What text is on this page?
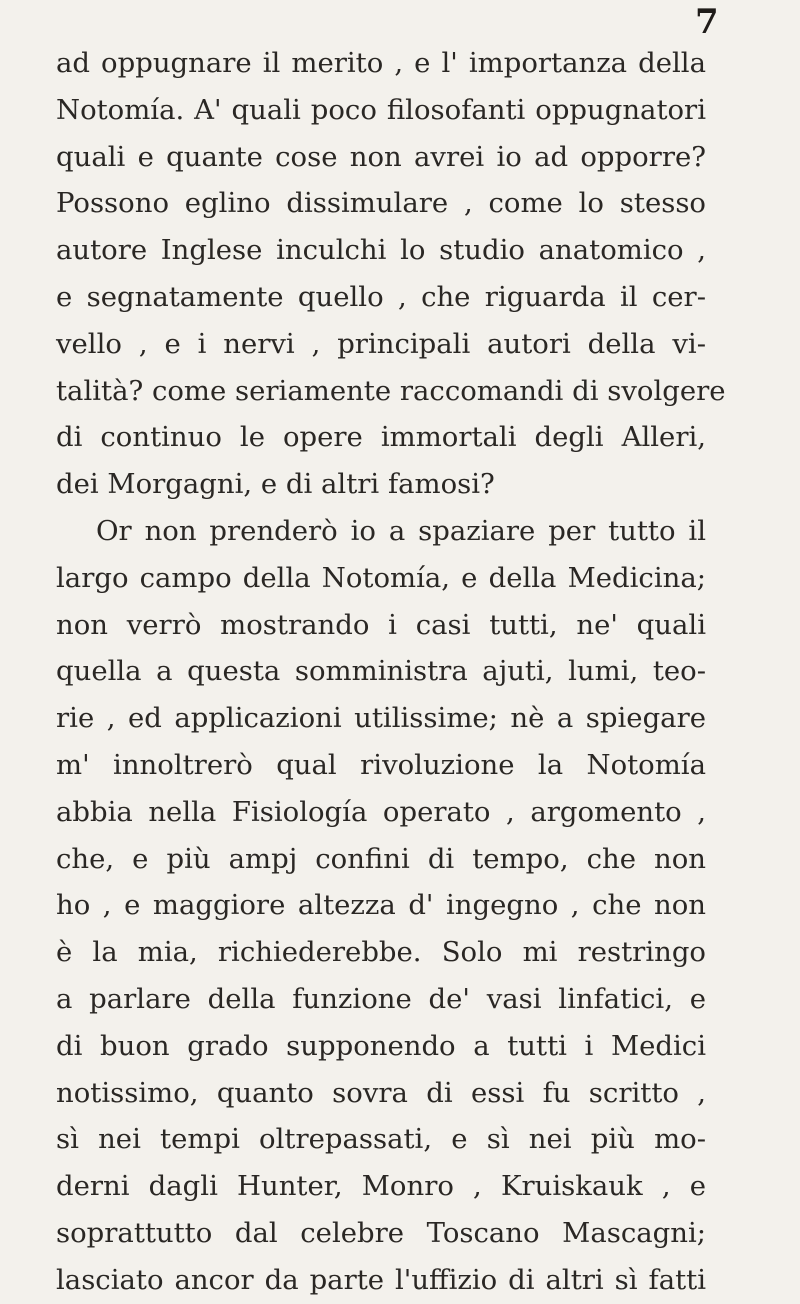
7
ad oppugnare il merito , e l' importanza della
Notomía. A' quali poco filosofanti oppugnatori
quali e quante cose non avrei io ad opporre?
Possono eglino dissimulare , come lo stesso
autore Inglese inculchi lo studio anatomico ,
e segnatamente quello , che riguarda il cer-
vello , e i nervi , principali autori della vi-
talità? come seriamente raccomandi di svolgere
di continuo le opere immortali degli Alleri,
dei Morgagni, e di altri famosi?
Or non prenderò io a spaziare per tutto il
largo campo della Notomía, e della Medicina;
non verrò mostrando i casi tutti, ne' quali
quella a questa somministra ajuti, lumi, teo-
rie , ed applicazioni utilissime; nè a spiegare
m' innoltrerò qual rivoluzione la Notomía
abbia nella Fisiología operato , argomento ,
che, e più ampj confini di tempo, che non
ho , e maggiore altezza d' ingegno , che non
è la mia, richiederebbe. Solo mi restringo
a parlare della funzione de' vasi linfatici, e
di buon grado supponendo a tutti i Medici
notissimo, quanto sovra di essi fu scritto ,
sì nei tempi oltrepassati, e sì nei più mo-
derni dagli Hunter, Monro , Kruiskauk , e
soprattutto dal celebre Toscano Mascagni;
lasciato ancor da parte l'uffizio di altri sì fatti
